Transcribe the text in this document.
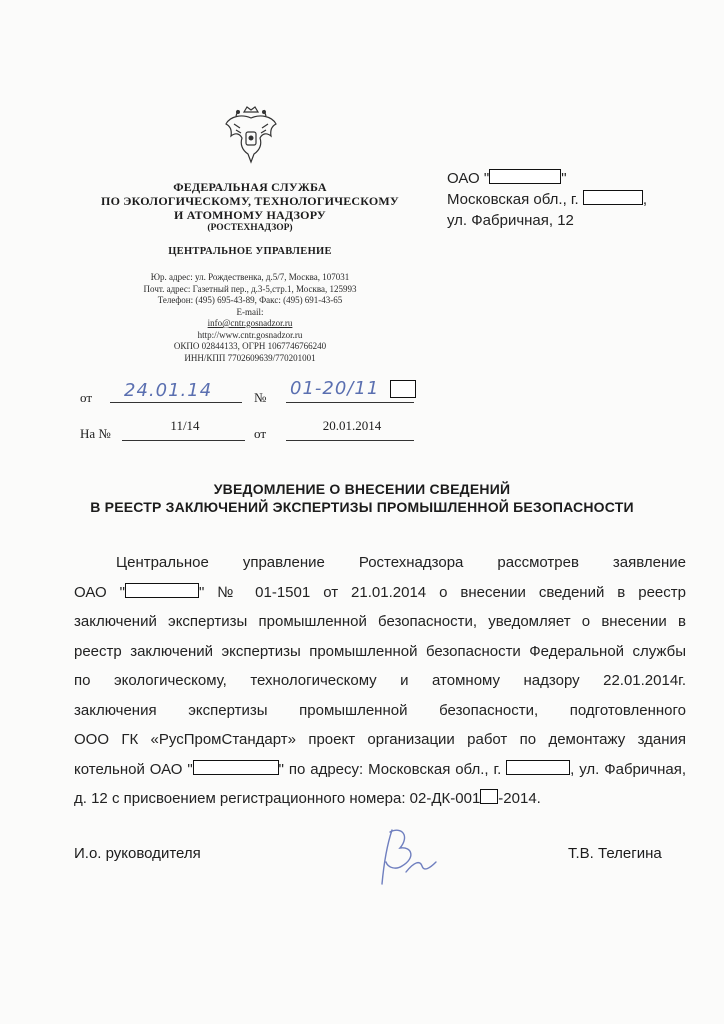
ФЕДЕРАЛЬНАЯ СЛУЖБА
ПО ЭКОЛОГИЧЕСКОМУ, ТЕХНОЛОГИЧЕСКОМУ
И АТОМНОМУ НАДЗОРУ
(РОСТЕХНАДЗОР)
ЦЕНТРАЛЬНОЕ УПРАВЛЕНИЕ
Юр. адрес: ул. Рождественка, д.5/7, Москва, 107031
Почт. адрес: Газетный пер., д.3-5,стр.1, Москва, 125993
Телефон: (495) 695-43-89, Факс: (495) 691-43-65
E-mail:
info@cntr.gosnadzor.ru
http://www.cntr.gosnadzor.ru
ОКПО 02844133, ОГРН 1067746766240
ИНН/КПП 7702609639/770201001
ОАО "	"
Московская обл., г.	,
ул. Фабричная, 12
от 24.01.14	№ 01-20/11
На №
11/14
от
20.01.2014
УВЕДОМЛЕНИЕ О ВНЕСЕНИИ СВЕДЕНИЙ
В РЕЕСТР ЗАКЛЮЧЕНИЙ ЭКСПЕРТИЗЫ ПРОМЫШЛЕННОЙ БЕЗОПАСНОСТИ

Центральное управление Ростехнадзора рассмотрев заявление

ОАО "	" № 01-1501 от 21.01.2014 о внесении сведений в реестр

заключений экспертизы промышленной безопасности, уведомляет о внесении в

реестр заключений экспертизы промышленной безопасности Федеральной службы

по экологическому, технологическому и атомному надзору 22.01.2014г.

заключения экспертизы промышленной безопасности, подготовленного

ООО ГК «РусПромСтандарт» проект организации работ по демонтажу здания

котельной ОАО "	" по адресу: Московская обл., г.	, ул. Фабричная,

д. 12 с присвоением регистрационного номера: 02-ДК-001 -2014.

И.о. руководителя	Т.В. Телегина
